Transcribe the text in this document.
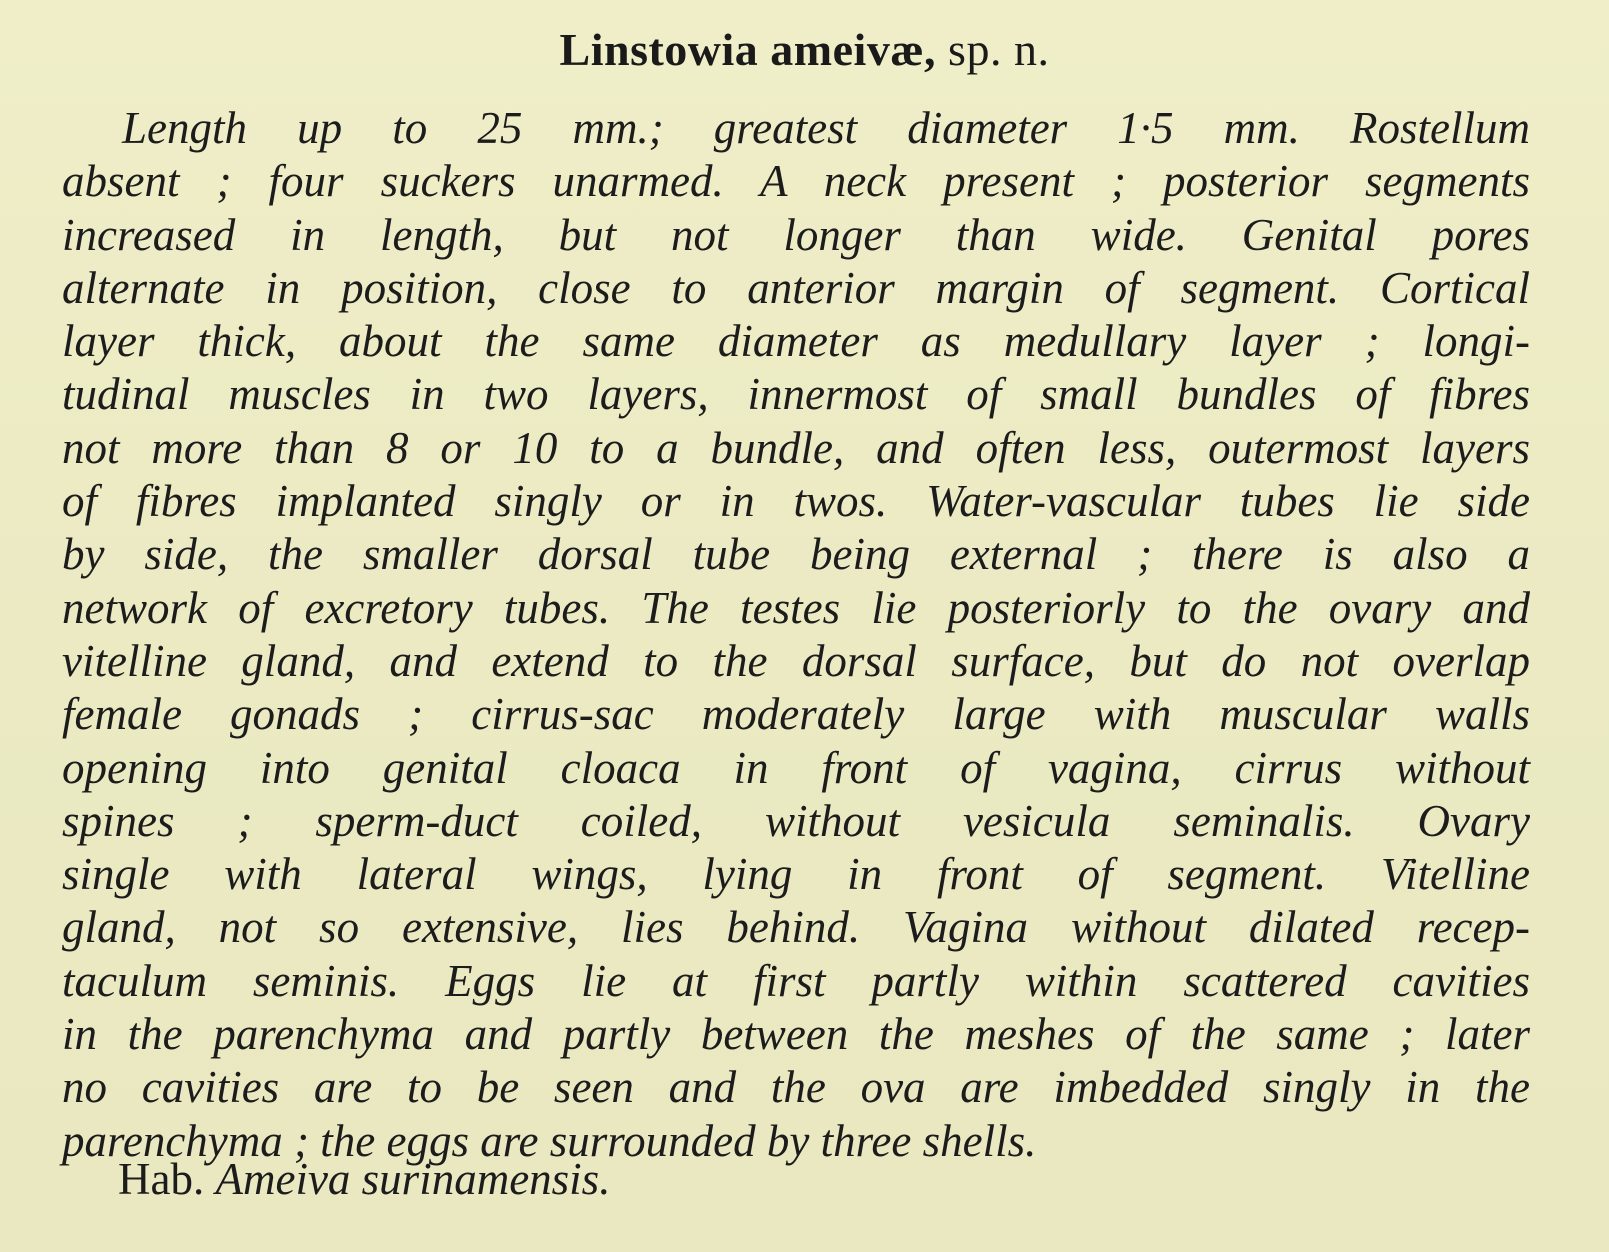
Linstowia ameivæ, sp. n.
Length up to 25 mm.; greatest diameter 1·5 mm. Rostellum
absent ; four suckers unarmed. A neck present ; posterior segments
increased in length, but not longer than wide. Genital pores
alternate in position, close to anterior margin of segment. Cortical
layer thick, about the same diameter as medullary layer ; longi-
tudinal muscles in two layers, innermost of small bundles of fibres
not more than 8 or 10 to a bundle, and often less, outermost layers
of fibres implanted singly or in twos. Water-vascular tubes lie side
by side, the smaller dorsal tube being external ; there is also a
network of excretory tubes. The testes lie posteriorly to the ovary and
vitelline gland, and extend to the dorsal surface, but do not overlap
female gonads ; cirrus-sac moderately large with muscular walls
opening into genital cloaca in front of vagina, cirrus without
spines ; sperm-duct coiled, without vesicula seminalis. Ovary
single with lateral wings, lying in front of segment. Vitelline
gland, not so extensive, lies behind. Vagina without dilated recep-
taculum seminis. Eggs lie at first partly within scattered cavities
in the parenchyma and partly between the meshes of the same ; later
no cavities are to be seen and the ova are imbedded singly in the
parenchyma ; the eggs are surrounded by three shells.
Hab. Ameiva surinamensis.
